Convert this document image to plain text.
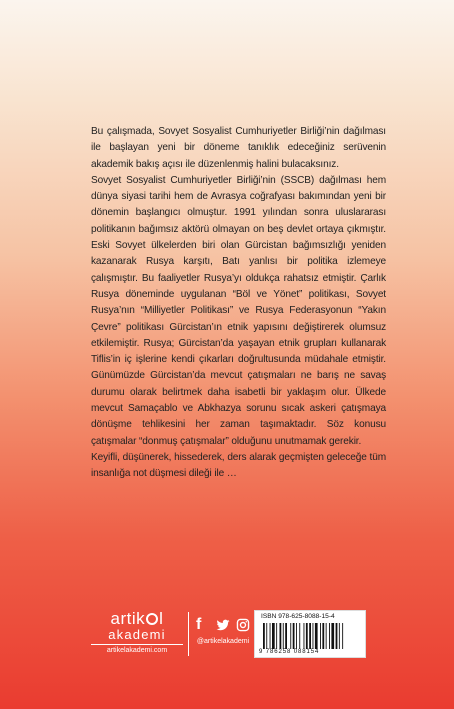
Bu çalışmada, Sovyet Sosyalist Cumhuriyetler Birliği’nin dağılması ile başlayan yeni bir döneme tanıklık edeceğiniz serüvenin akademik bakış açısı ile düzenlenmiş halini bulacaksınız.

Sovyet Sosyalist Cumhuriyetler Birliği’nin (SSCB) dağılması hem dünya siyasi tarihi hem de Avrasya coğrafyası bakımından yeni bir dönemin başlangıcı olmuştur. 1991 yılından sonra uluslararası politikanın bağımsız aktörü olmayan on beş devlet ortaya çıkmıştır. Eski Sovyet ülkelerden biri olan Gürcistan bağımsızlığı yeniden kazanarak Rusya karşıtı, Batı yanlısı bir politika izlemeye çalışmıştır. Bu faaliyetler Rusya’yı oldukça rahatsız etmiştir. Çarlık Rusya döneminde uygulanan “Böl ve Yönet” politikası, Sovyet Rusya’nın “Milliyetler Politikası” ve Rusya Federasyonun “Yakın Çevre” politikası Gürcistan’ın etnik yapısını değiştirerek olumsuz etkilemiştir. Rusya; Gürcistan’da yaşayan etnik grupları kullanarak Tiflis’in iç işlerine kendi çıkarları doğrultusunda müdahale etmiştir. Günümüzde Gürcistan’da mevcut çatışmaları ne barış ne savaş durumu olarak belirtmek daha isabetli bir yaklaşım olur. Ülkede mevcut Samaçablo ve Abkhazya sorunu sıcak askeri çatışmaya dönüşme tehlikesini her zaman taşımaktadır. Söz konusu çatışmalar “donmuş çatışmalar” olduğunu unutmamak gerekir.

Keyifli, düşünerek, hissederek, ders alarak geçmişten geleceğe tüm insanlığa not düşmesi dileği ile …

artik l
akademi
artikelakademi.com
f
@artikelakademi
ISBN 978-625-8088-15-4
9 786258 088154
